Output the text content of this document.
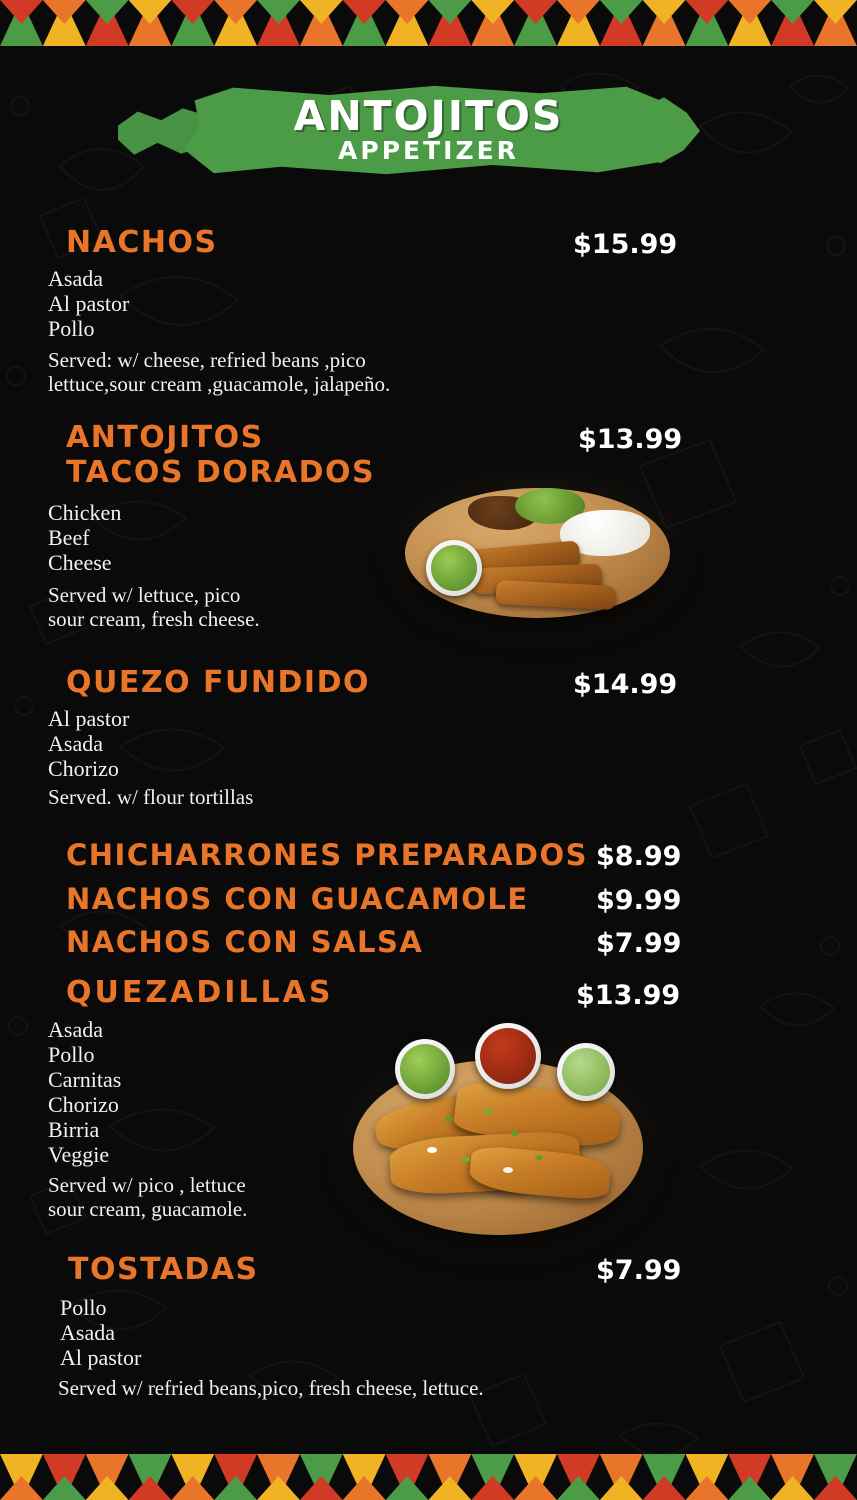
ANTOJITOS
APPETIZER
NACHOS	$15.99
Asada
Al pastor
Pollo
Served: w/ cheese, refried beans ,pico
lettuce,sour cream ,guacamole, jalapeño.
ANTOJITOS
TACOS DORADOS
$13.99
Chicken
Beef
Cheese
Served w/ lettuce, pico
sour cream, fresh cheese.
QUEZO FUNDIDO	$14.99
Al pastor
Asada
Chorizo
Served. w/ flour tortillas
CHICHARRONES PREPARADOS $8.99
NACHOS CON GUACAMOLE	$9.99
NACHOS CON SALSA	$7.99
QUEZADILLAS	$13.99
Asada
Pollo
Carnitas
Chorizo
Birria
Veggie
Served w/ pico , lettuce
sour cream, guacamole.
TOSTADAS	$7.99
Pollo
Asada
Al pastor
Served w/ refried beans,pico, fresh cheese, lettuce.
